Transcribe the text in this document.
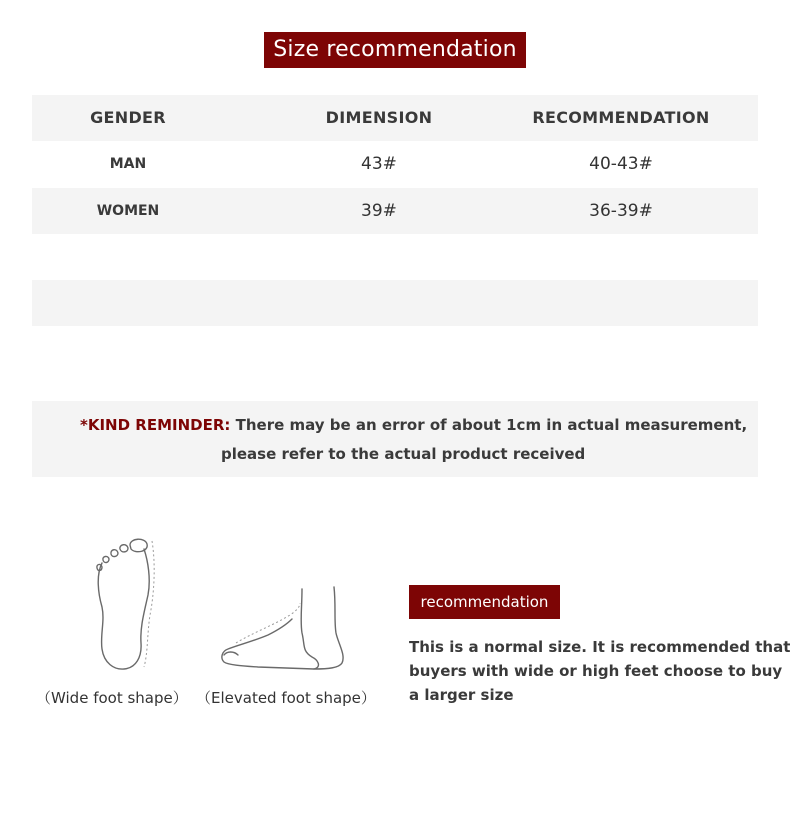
Size recommendation
GENDER	DIMENSION	RECOMMENDATION
MAN	43#	40-43#
WOMEN	39#	36-39#
*KIND REMINDER: There may be an error of about 1cm in actual measurement,
please refer to the actual product received
（Wide foot shape） （Elevated foot shape）
recommendation
This is a normal size. It is recommended that
buyers with wide or high feet choose to buy
a larger size
